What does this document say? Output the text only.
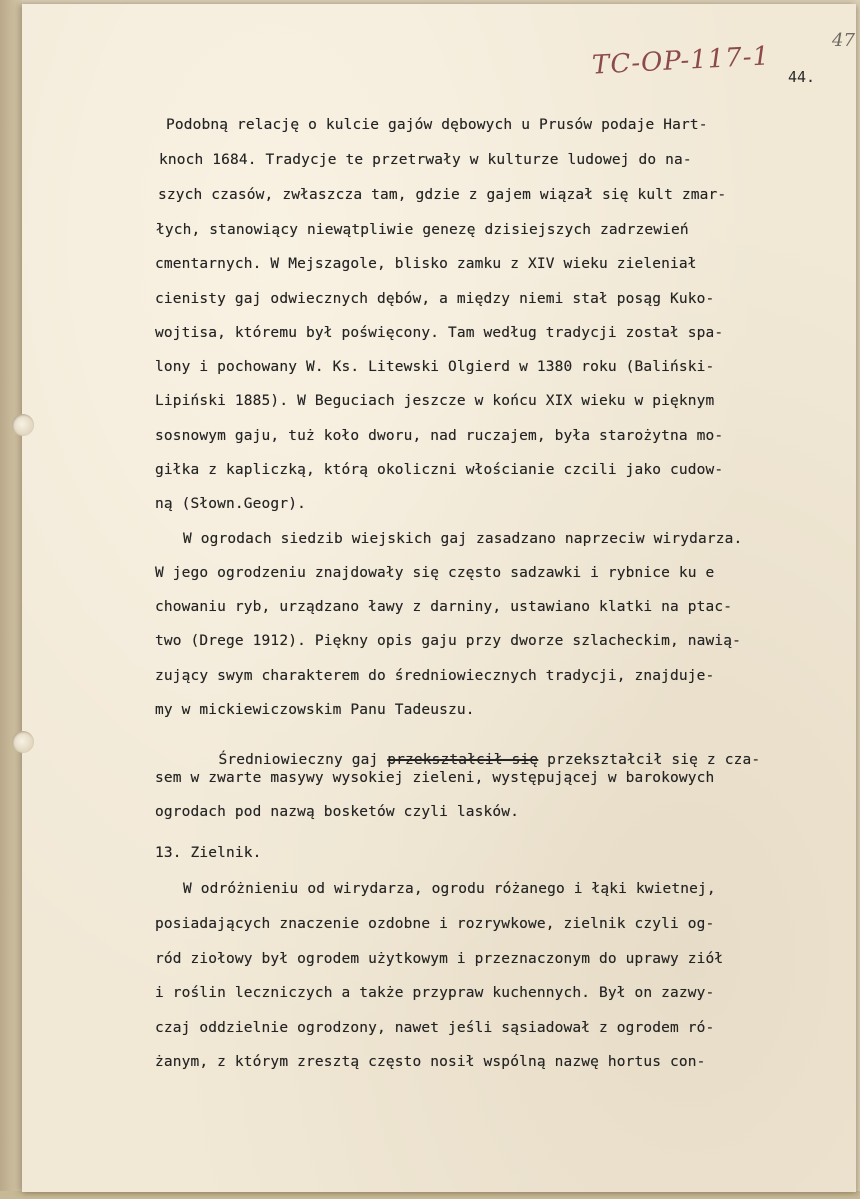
TC-OP-117-1
47
44.
Podobną relację o kulcie gajów dębowych u Prusów podaje Hart-
knoch 1684. Tradycje te przetrwały w kulturze ludowej do na-
szych czasów, zwłaszcza tam, gdzie z gajem wiązał się kult zmar-
łych, stanowiący niewątpliwie genezę dzisiejszych zadrzewień
cmentarnych. W Mejszagole, blisko zamku z XIV wieku zieleniał
cienisty gaj odwiecznych dębów, a między niemi stał posąg Kuko-
wojtisa, któremu był poświęcony. Tam według tradycji został spa-
lony i pochowany W. Ks. Litewski Olgierd w 1380 roku (Baliński-
Lipiński 1885). W Beguciach jeszcze w końcu XIX wieku w pięknym
sosnowym gaju, tuż koło dworu, nad ruczajem, była starożytna mo-
giłka z kapliczką, którą okoliczni włościanie czcili jako cudow-
ną (Słown.Geogr).
W ogrodach siedzib wiejskich gaj zasadzano naprzeciw wirydarza.
W jego ogrodzeniu znajdowały się często sadzawki i rybnice ku e
chowaniu ryb, urządzano ławy z darniny, ustawiano klatki na ptac-
two (Drege 1912). Piękny opis gaju przy dworze szlacheckim, nawią-
zujący swym charakterem do średniowiecznych tradycji, znajduje-
my w mickiewiczowskim Panu Tadeuszu.
13. Zielnik.
W odróżnieniu od wirydarza, ogrodu różanego i łąki kwietnej,
posiadających znaczenie ozdobne i rozrywkowe, zielnik czyli og-
ród ziołowy był ogrodem użytkowym i przeznaczonym do uprawy ziół
i roślin leczniczych a także przypraw kuchennych. Był on zazwy-
czaj oddzielnie ogrodzony, nawet jeśli sąsiadował z ogrodem ró-
żanym, z którym zresztą często nosił wspólną nazwę hortus con-

Średniowieczny gaj przekształcił się przekształcił się z cza-

sem w zwarte masywy wysokiej zieleni, występującej w barokowych
ogrodach pod nazwą bosketów czyli lasków.
